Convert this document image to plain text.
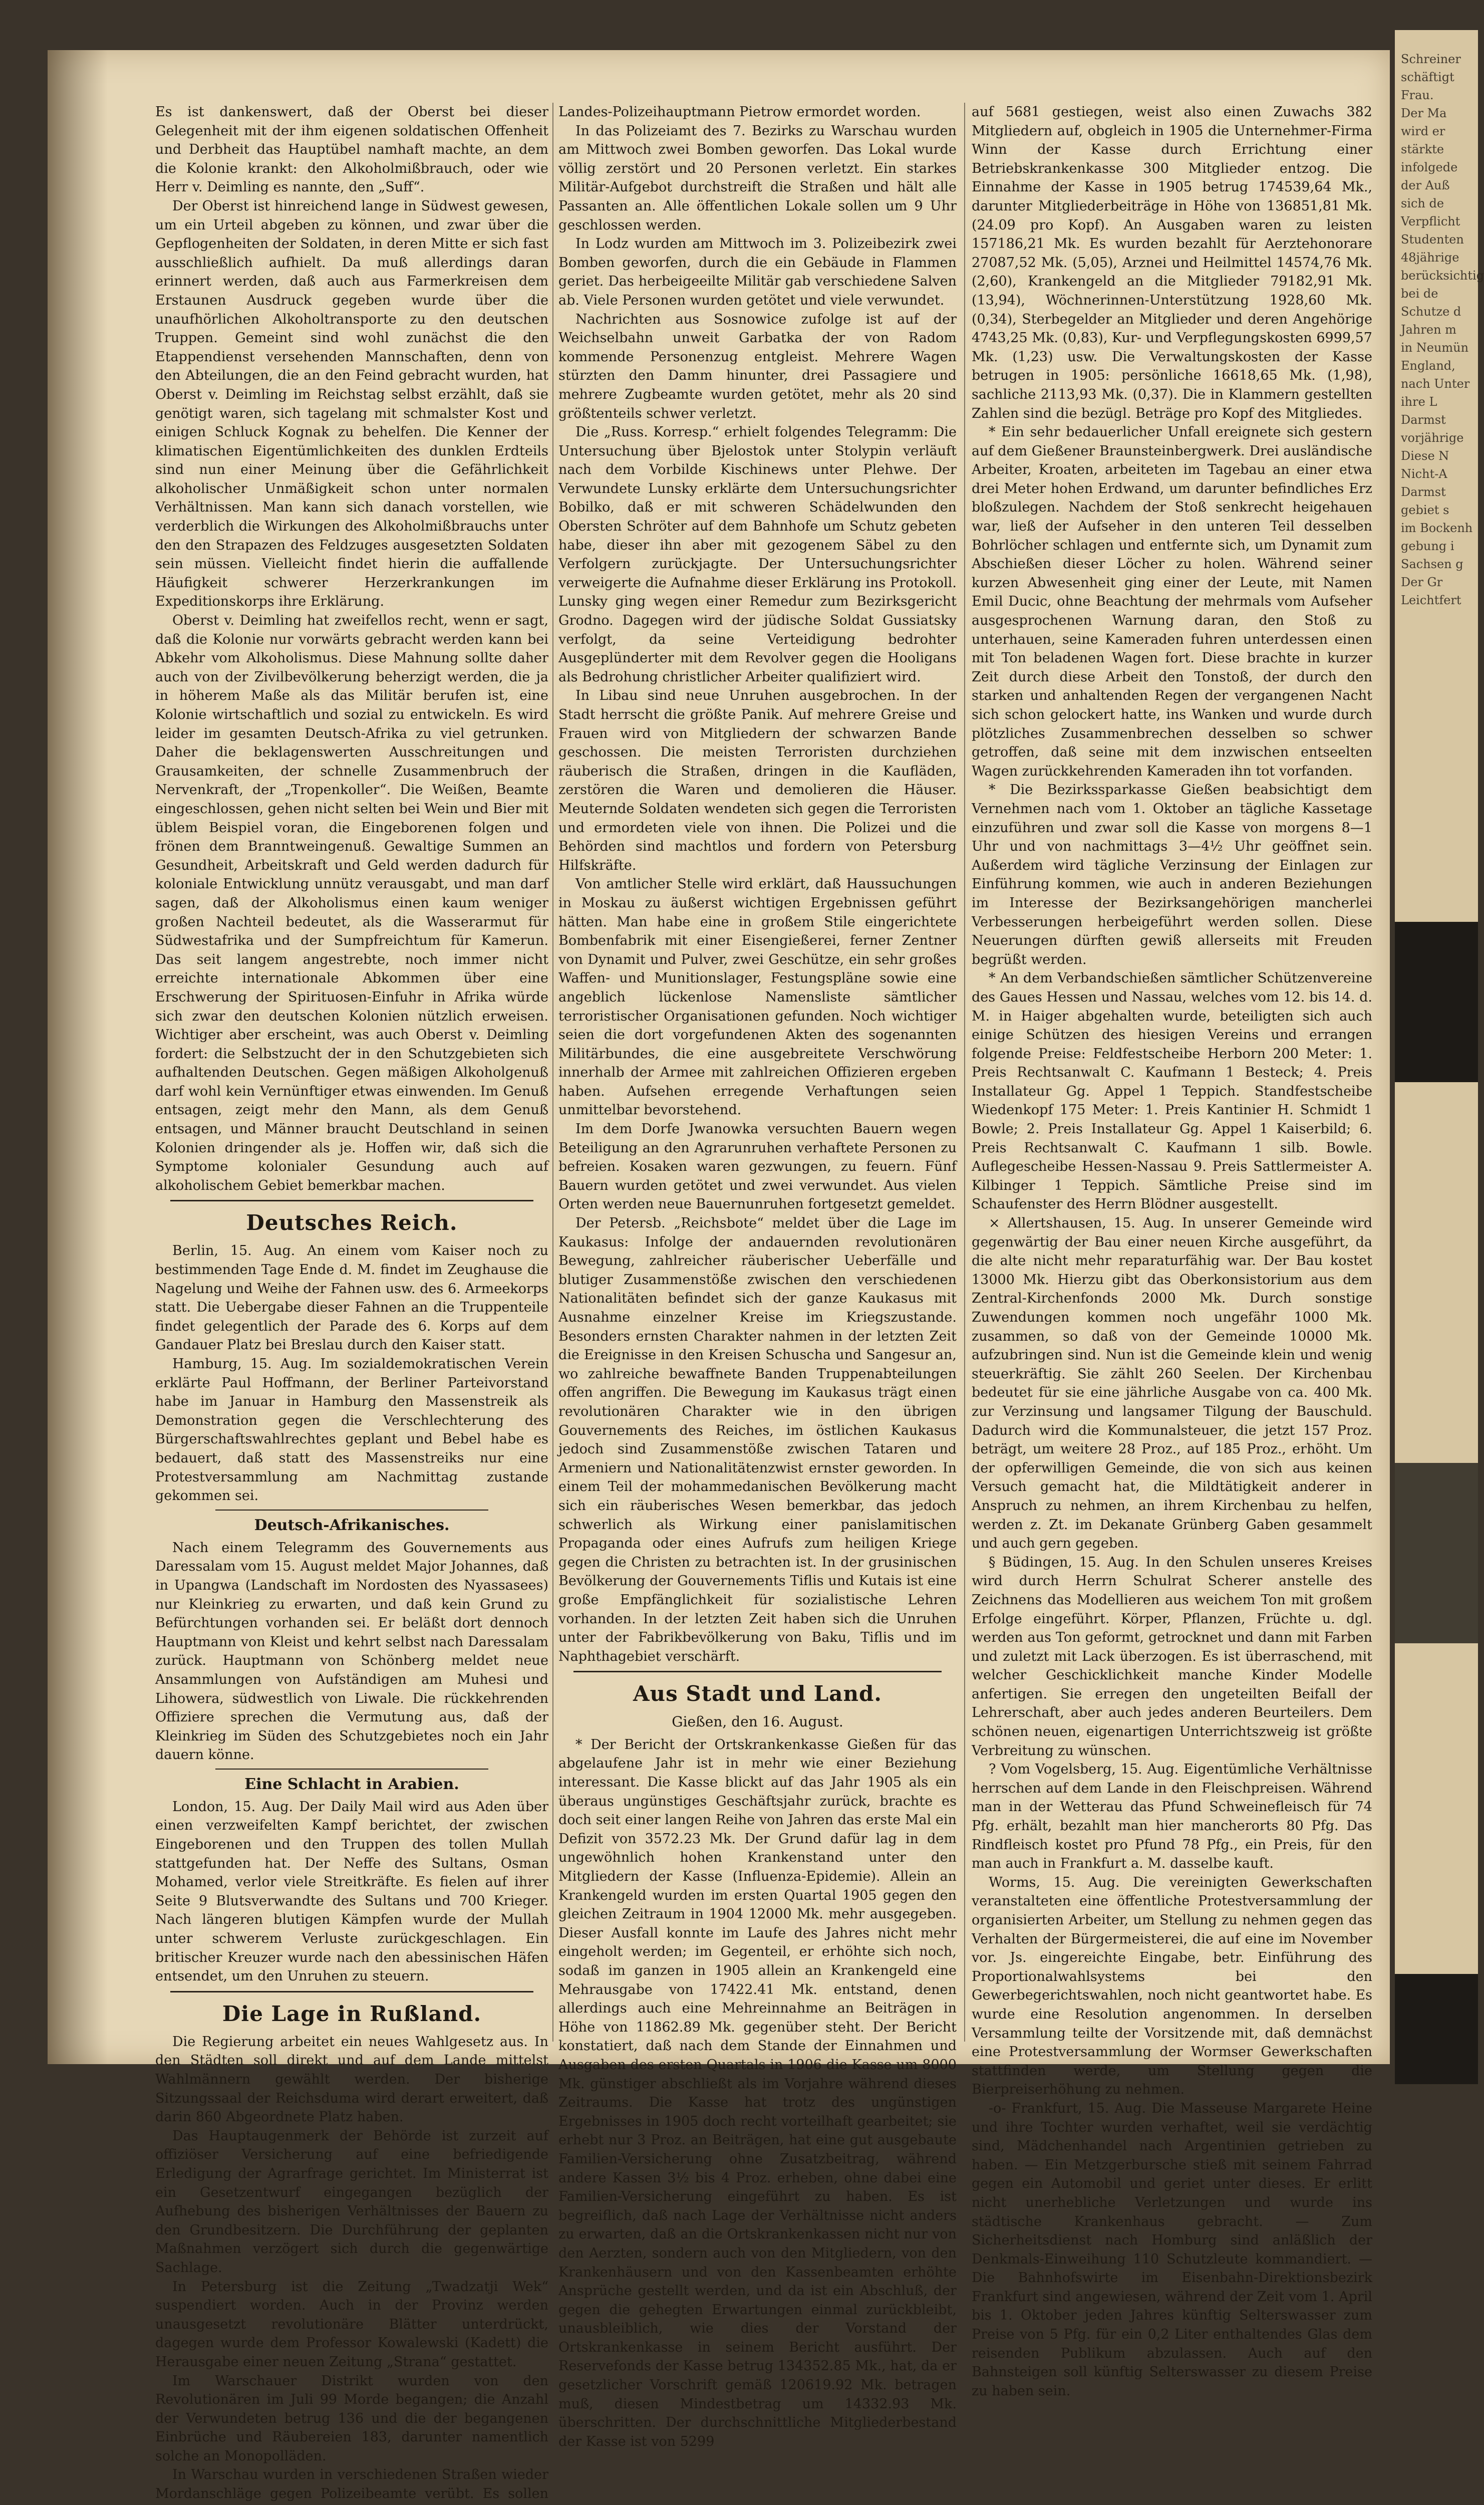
Schreiner
schäftigt
Frau.
Der Ma
wird er
stärkte
infolgede
der Auß
sich de
Verpflicht
Studenten
48jährige
berücksichtig
bei de
Schutze d
Jahren m
in Neumün
England,
nach Unter
ihre L
Darmst
vorjährige
Diese N
Nicht-A
Darmst
gebiet s
im Bockenh
gebung i
Sachsen g
Der Gr
Leichtfert

Es ist dankenswert, daß der Oberst bei dieser Gelegenheit mit der ihm eigenen soldatischen Offenheit und Derbheit das Hauptübel namhaft machte, an dem die Kolonie krankt: den Alkoholmißbrauch, oder wie Herr v. Deimling es nannte, den „Suff“.

Der Oberst ist hinreichend lange in Südwest gewesen, um ein Urteil abgeben zu können, und zwar über die Gepflogenheiten der Soldaten, in deren Mitte er sich fast ausschließlich aufhielt. Da muß allerdings daran erinnert werden, daß auch aus Farmerkreisen dem Erstaunen Ausdruck gegeben wurde über die unaufhörlichen Alkoholtransporte zu den deutschen Truppen. Gemeint sind wohl zunächst die den Etappendienst versehenden Mannschaften, denn von den Abteilungen, die an den Feind gebracht wurden, hat Oberst v. Deimling im Reichstag selbst erzählt, daß sie genötigt waren, sich tagelang mit schmalster Kost und einigen Schluck Kognak zu behelfen. Die Kenner der klimatischen Eigentümlichkeiten des dunklen Erdteils sind nun einer Meinung über die Gefährlichkeit alkoholischer Unmäßigkeit schon unter normalen Verhältnissen. Man kann sich danach vorstellen, wie verderblich die Wirkungen des Alkoholmißbrauchs unter den den Strapazen des Feldzuges ausgesetzten Soldaten sein müssen. Vielleicht findet hierin die auffallende Häufigkeit schwerer Herzerkrankungen im Expeditionskorps ihre Erklärung.

Oberst v. Deimling hat zweifellos recht, wenn er sagt, daß die Kolonie nur vorwärts gebracht werden kann bei Abkehr vom Alkoholismus. Diese Mahnung sollte daher auch von der Zivilbevölkerung beherzigt werden, die ja in höherem Maße als das Militär berufen ist, eine Kolonie wirtschaftlich und sozial zu entwickeln. Es wird leider im gesamten Deutsch-Afrika zu viel getrunken. Daher die beklagenswerten Ausschreitungen und Grausamkeiten, der schnelle Zusammenbruch der Nervenkraft, der „Tropenkoller“. Die Weißen, Beamte eingeschlossen, gehen nicht selten bei Wein und Bier mit üblem Beispiel voran, die Eingeborenen folgen und frönen dem Branntweingenuß. Gewaltige Summen an Gesundheit, Arbeitskraft und Geld werden dadurch für koloniale Entwicklung unnütz verausgabt, und man darf sagen, daß der Alkoholismus einen kaum weniger großen Nachteil bedeutet, als die Wasserarmut für Südwestafrika und der Sumpfreichtum für Kamerun. Das seit langem angestrebte, noch immer nicht erreichte internationale Abkommen über eine Erschwerung der Spirituosen-Einfuhr in Afrika würde sich zwar den deutschen Kolonien nützlich erweisen. Wichtiger aber erscheint, was auch Oberst v. Deimling fordert: die Selbstzucht der in den Schutzgebieten sich aufhaltenden Deutschen. Gegen mäßigen Alkoholgenuß darf wohl kein Vernünftiger etwas einwenden. Im Genuß entsagen, zeigt mehr den Mann, als dem Genuß entsagen, und Männer braucht Deutschland in seinen Kolonien dringender als je. Hoffen wir, daß sich die Symptome kolonialer Gesundung auch auf alkoholischem Gebiet bemerkbar machen.

Deutsches Reich.

Berlin, 15. Aug. An einem vom Kaiser noch zu bestimmenden Tage Ende d. M. findet im Zeughause die Nagelung und Weihe der Fahnen usw. des 6. Armeekorps statt. Die Uebergabe dieser Fahnen an die Truppenteile findet gelegentlich der Parade des 6. Korps auf dem Gandauer Platz bei Breslau durch den Kaiser statt.

Hamburg, 15. Aug. Im sozialdemokratischen Verein erklärte Paul Hoffmann, der Berliner Parteivorstand habe im Januar in Hamburg den Massenstreik als Demonstration gegen die Verschlechterung des Bürgerschaftswahlrechtes geplant und Bebel habe es bedauert, daß statt des Massenstreiks nur eine Protestversammlung am Nachmittag zustande gekommen sei.

Deutsch-Afrikanisches.

Nach einem Telegramm des Gouvernements aus Daressalam vom 15. August meldet Major Johannes, daß in Upangwa (Landschaft im Nordosten des Nyassasees) nur Kleinkrieg zu erwarten, und daß kein Grund zu Befürchtungen vorhanden sei. Er beläßt dort dennoch Hauptmann von Kleist und kehrt selbst nach Daressalam zurück. Hauptmann von Schönberg meldet neue Ansammlungen von Aufständigen am Muhesi und Lihowera, südwestlich von Liwale. Die rückkehrenden Offiziere sprechen die Vermutung aus, daß der Kleinkrieg im Süden des Schutzgebietes noch ein Jahr dauern könne.

Eine Schlacht in Arabien.

London, 15. Aug. Der Daily Mail wird aus Aden über einen verzweifelten Kampf berichtet, der zwischen Eingeborenen und den Truppen des tollen Mullah stattgefunden hat. Der Neffe des Sultans, Osman Mohamed, verlor viele Streitkräfte. Es fielen auf ihrer Seite 9 Blutsverwandte des Sultans und 700 Krieger. Nach längeren blutigen Kämpfen wurde der Mullah unter schwerem Verluste zurückgeschlagen. Ein britischer Kreuzer wurde nach den abessinischen Häfen entsendet, um den Unruhen zu steuern.

Die Lage in Rußland.

Die Regierung arbeitet ein neues Wahlgesetz aus. In den Städten soll direkt und auf dem Lande mittelst Wahlmännern gewählt werden. Der bisherige Sitzungssaal der Reichsduma wird derart erweitert, daß darin 860 Abgeordnete Platz haben.

Das Hauptaugenmerk der Behörde ist zurzeit auf offiziöser Versicherung auf eine befriedigende Erledigung der Agrarfrage gerichtet. Im Ministerrat ist ein Gesetzentwurf eingegangen bezüglich der Aufhebung des bisherigen Verhältnisses der Bauern zu den Grundbesitzern. Die Durchführung der geplanten Maßnahmen verzögert sich durch die gegenwärtige Sachlage.

In Petersburg ist die Zeitung „Twadzatji Wek“ suspendiert worden. Auch in der Provinz werden unausgesetzt revolutionäre Blätter unterdrückt, dagegen wurde dem Professor Kowalewski (Kadett) die Herausgabe einer neuen Zeitung „Strana“ gestattet.

Im Warschauer Distrikt wurden von den Revolutionären im Juli 99 Morde begangen; die Anzahl der Verwundeten betrug 136 und die der begangenen Einbrüche und Räubereien 183, darunter namentlich solche an Monopolläden.

In Warschau wurden in verschiedenen Straßen wieder Mordanschläge gegen Polizeibeamte verübt. Es sollen

Landes-Polizeihauptmann Pietrow ermordet worden.

In das Polizeiamt des 7. Bezirks zu Warschau wurden am Mittwoch zwei Bomben geworfen. Das Lokal wurde völlig zerstört und 20 Personen verletzt. Ein starkes Militär-Aufgebot durchstreift die Straßen und hält alle Passanten an. Alle öffentlichen Lokale sollen um 9 Uhr geschlossen werden.

In Lodz wurden am Mittwoch im 3. Polizeibezirk zwei Bomben geworfen, durch die ein Gebäude in Flammen geriet. Das herbeigeeilte Militär gab verschiedene Salven ab. Viele Personen wurden getötet und viele verwundet.

Nachrichten aus Sosnowice zufolge ist auf der Weichselbahn unweit Garbatka der von Radom kommende Personenzug entgleist. Mehrere Wagen stürzten den Damm hinunter, drei Passagiere und mehrere Zugbeamte wurden getötet, mehr als 20 sind größtenteils schwer verletzt.

Die „Russ. Korresp.“ erhielt folgendes Telegramm: Die Untersuchung über Bjelostok unter Stolypin verläuft nach dem Vorbilde Kischinews unter Plehwe. Der Verwundete Lunsky erklärte dem Untersuchungsrichter Bobilko, daß er mit schweren Schädelwunden den Obersten Schröter auf dem Bahnhofe um Schutz gebeten habe, dieser ihn aber mit gezogenem Säbel zu den Verfolgern zurückjagte. Der Untersuchungsrichter verweigerte die Aufnahme dieser Erklärung ins Protokoll. Lunsky ging wegen einer Remedur zum Bezirksgericht Grodno. Dagegen wird der jüdische Soldat Gussiatsky verfolgt, da seine Verteidigung bedrohter Ausgeplünderter mit dem Revolver gegen die Hooligans als Bedrohung christlicher Arbeiter qualifiziert wird.

In Libau sind neue Unruhen ausgebrochen. In der Stadt herrscht die größte Panik. Auf mehrere Greise und Frauen wird von Mitgliedern der schwarzen Bande geschossen. Die meisten Terroristen durchziehen räuberisch die Straßen, dringen in die Kaufläden, zerstören die Waren und demolieren die Häuser. Meuternde Soldaten wendeten sich gegen die Terroristen und ermordeten viele von ihnen. Die Polizei und die Behörden sind machtlos und fordern von Petersburg Hilfskräfte.

Von amtlicher Stelle wird erklärt, daß Haussuchungen in Moskau zu äußerst wichtigen Ergebnissen geführt hätten. Man habe eine in großem Stile eingerichtete Bombenfabrik mit einer Eisengießerei, ferner Zentner von Dynamit und Pulver, zwei Geschütze, ein sehr großes Waffen- und Munitionslager, Festungspläne sowie eine angeblich lückenlose Namensliste sämtlicher terroristischer Organisationen gefunden. Noch wichtiger seien die dort vorgefundenen Akten des sogenannten Militärbundes, die eine ausgebreitete Verschwörung innerhalb der Armee mit zahlreichen Offizieren ergeben haben. Aufsehen erregende Verhaftungen seien unmittelbar bevorstehend.

Im dem Dorfe Jwanowka versuchten Bauern wegen Beteiligung an den Agrarunruhen verhaftete Personen zu befreien. Kosaken waren gezwungen, zu feuern. Fünf Bauern wurden getötet und zwei verwundet. Aus vielen Orten werden neue Bauernunruhen fortgesetzt gemeldet.

Der Petersb. „Reichsbote“ meldet über die Lage im Kaukasus: Infolge der andauernden revolutionären Bewegung, zahlreicher räuberischer Ueberfälle und blutiger Zusammenstöße zwischen den verschiedenen Nationalitäten befindet sich der ganze Kaukasus mit Ausnahme einzelner Kreise im Kriegszustande. Besonders ernsten Charakter nahmen in der letzten Zeit die Ereignisse in den Kreisen Schuscha und Sangesur an, wo zahlreiche bewaffnete Banden Truppenabteilungen offen angriffen. Die Bewegung im Kaukasus trägt einen revolutionären Charakter wie in den übrigen Gouvernements des Reiches, im östlichen Kaukasus jedoch sind Zusammenstöße zwischen Tataren und Armeniern und Nationalitätenzwist ernster geworden. In einem Teil der mohammedanischen Bevölkerung macht sich ein räuberisches Wesen bemerkbar, das jedoch schwerlich als Wirkung einer panislamitischen Propaganda oder eines Aufrufs zum heiligen Kriege gegen die Christen zu betrachten ist. In der grusinischen Bevölkerung der Gouvernements Tiflis und Kutais ist eine große Empfänglichkeit für sozialistische Lehren vorhanden. In der letzten Zeit haben sich die Unruhen unter der Fabrikbevölkerung von Baku, Tiflis und im Naphthagebiet verschärft.

Aus Stadt und Land.
Gießen, den 16. August.

* Der Bericht der Ortskrankenkasse Gießen für das abgelaufene Jahr ist in mehr wie einer Beziehung interessant. Die Kasse blickt auf das Jahr 1905 als ein überaus ungünstiges Geschäftsjahr zurück, brachte es doch seit einer langen Reihe von Jahren das erste Mal ein Defizit von 3572.23 Mk. Der Grund dafür lag in dem ungewöhnlich hohen Krankenstand unter den Mitgliedern der Kasse (Influenza-Epidemie). Allein an Krankengeld wurden im ersten Quartal 1905 gegen den gleichen Zeitraum in 1904 12000 Mk. mehr ausgegeben. Dieser Ausfall konnte im Laufe des Jahres nicht mehr eingeholt werden; im Gegenteil, er erhöhte sich noch, sodaß im ganzen in 1905 allein an Krankengeld eine Mehrausgabe von 17422.41 Mk. entstand, denen allerdings auch eine Mehreinnahme an Beiträgen in Höhe von 11862.89 Mk. gegenüber steht. Der Bericht konstatiert, daß nach dem Stande der Einnahmen und Ausgaben des ersten Quartals in 1906 die Kasse um 8000 Mk. günstiger abschließt als im Vorjahre während dieses Zeitraums. Die Kasse hat trotz des ungünstigen Ergebnisses in 1905 doch recht vorteilhaft gearbeitet; sie erhebt nur 3 Proz. an Beiträgen, hat eine gut ausgebaute Familien-Versicherung ohne Zusatzbeitrag, während andere Kassen 3½ bis 4 Proz. erheben, ohne dabei eine Familien-Versicherung eingeführt zu haben. Es ist begreiflich, daß nach Lage der Verhältnisse nicht anders zu erwarten, daß an die Ortskrankenkassen nicht nur von den Aerzten, sondern auch von den Mitgliedern, von den Krankenhäusern und von den Kassenbeamten erhöhte Ansprüche gestellt werden, und da ist ein Abschluß, der gegen die gehegten Erwartungen einmal zurückbleibt, unausbleiblich, wie dies der Vorstand der Ortskrankenkasse in seinem Bericht ausführt. Der Reservefonds der Kasse betrug 134352.85 Mk., hat, da er gesetzlicher Vorschrift gemäß 120619.92 Mk. betragen muß, diesen Mindestbetrag um 14332.93 Mk. überschritten. Der durchschnittliche Mitgliederbestand der Kasse ist von 5299

auf 5681 gestiegen, weist also einen Zuwachs 382 Mitgliedern auf, obgleich in 1905 die Unternehmer-Firma Winn der Kasse durch Errichtung einer Betriebskrankenkasse 300 Mitglieder entzog. Die Einnahme der Kasse in 1905 betrug 174539,64 Mk., darunter Mitgliederbeiträge in Höhe von 136851,81 Mk. (24.09 pro Kopf). An Ausgaben waren zu leisten 157186,21 Mk. Es wurden bezahlt für Aerztehonorare 27087,52 Mk. (5,05), Arznei und Heilmittel 14574,76 Mk. (2,60), Krankengeld an die Mitglieder 79182,91 Mk. (13,94), Wöchnerinnen-Unterstützung 1928,60 Mk. (0,34), Sterbegelder an Mitglieder und deren Angehörige 4743,25 Mk. (0,83), Kur- und Verpflegungskosten 6999,57 Mk. (1,23) usw. Die Verwaltungskosten der Kasse betrugen in 1905: persönliche 16618,65 Mk. (1,98), sachliche 2113,93 Mk. (0,37). Die in Klammern gestellten Zahlen sind die bezügl. Beträge pro Kopf des Mitgliedes.

* Ein sehr bedauerlicher Unfall ereignete sich gestern auf dem Gießener Braunsteinbergwerk. Drei ausländische Arbeiter, Kroaten, arbeiteten im Tagebau an einer etwa drei Meter hohen Erdwand, um darunter befindliches Erz bloßzulegen. Nachdem der Stoß senkrecht heigehauen war, ließ der Aufseher in den unteren Teil desselben Bohrlöcher schlagen und entfernte sich, um Dynamit zum Abschießen dieser Löcher zu holen. Während seiner kurzen Abwesenheit ging einer der Leute, mit Namen Emil Ducic, ohne Beachtung der mehrmals vom Aufseher ausgesprochenen Warnung daran, den Stoß zu unterhauen, seine Kameraden fuhren unterdessen einen mit Ton beladenen Wagen fort. Diese brachte in kurzer Zeit durch diese Arbeit den Tonstoß, der durch den starken und anhaltenden Regen der vergangenen Nacht sich schon gelockert hatte, ins Wanken und wurde durch plötzliches Zusammenbrechen desselben so schwer getroffen, daß seine mit dem inzwischen entseelten Wagen zurückkehrenden Kameraden ihn tot vorfanden.

* Die Bezirkssparkasse Gießen beabsichtigt dem Vernehmen nach vom 1. Oktober an tägliche Kassetage einzuführen und zwar soll die Kasse von morgens 8—1 Uhr und von nachmittags 3—4½ Uhr geöffnet sein. Außerdem wird tägliche Verzinsung der Einlagen zur Einführung kommen, wie auch in anderen Beziehungen im Interesse der Bezirksangehörigen mancherlei Verbesserungen herbeigeführt werden sollen. Diese Neuerungen dürften gewiß allerseits mit Freuden begrüßt werden.

* An dem Verbandschießen sämtlicher Schützenvereine des Gaues Hessen und Nassau, welches vom 12. bis 14. d. M. in Haiger abgehalten wurde, beteiligten sich auch einige Schützen des hiesigen Vereins und errangen folgende Preise: Feldfestscheibe Herborn 200 Meter: 1. Preis Rechtsanwalt C. Kaufmann 1 Besteck; 4. Preis Installateur Gg. Appel 1 Teppich. Standfestscheibe Wiedenkopf 175 Meter: 1. Preis Kantinier H. Schmidt 1 Bowle; 2. Preis Installateur Gg. Appel 1 Kaiserbild; 6. Preis Rechtsanwalt C. Kaufmann 1 silb. Bowle. Auflegescheibe Hessen-Nassau 9. Preis Sattlermeister A. Kilbinger 1 Teppich. Sämtliche Preise sind im Schaufenster des Herrn Blödner ausgestellt.

× Allertshausen, 15. Aug. In unserer Gemeinde wird gegenwärtig der Bau einer neuen Kirche ausgeführt, da die alte nicht mehr reparaturfähig war. Der Bau kostet 13000 Mk. Hierzu gibt das Oberkonsistorium aus dem Zentral-Kirchenfonds 2000 Mk. Durch sonstige Zuwendungen kommen noch ungefähr 1000 Mk. zusammen, so daß von der Gemeinde 10000 Mk. aufzubringen sind. Nun ist die Gemeinde klein und wenig steuerkräftig. Sie zählt 260 Seelen. Der Kirchenbau bedeutet für sie eine jährliche Ausgabe von ca. 400 Mk. zur Verzinsung und langsamer Tilgung der Bauschuld. Dadurch wird die Kommunalsteuer, die jetzt 157 Proz. beträgt, um weitere 28 Proz., auf 185 Proz., erhöht. Um der opferwilligen Gemeinde, die von sich aus keinen Versuch gemacht hat, die Mildtätigkeit anderer in Anspruch zu nehmen, an ihrem Kirchenbau zu helfen, werden z. Zt. im Dekanate Grünberg Gaben gesammelt und auch gern gegeben.

§ Büdingen, 15. Aug. In den Schulen unseres Kreises wird durch Herrn Schulrat Scherer anstelle des Zeichnens das Modellieren aus weichem Ton mit großem Erfolge eingeführt. Körper, Pflanzen, Früchte u. dgl. werden aus Ton geformt, getrocknet und dann mit Farben und zuletzt mit Lack überzogen. Es ist überraschend, mit welcher Geschicklichkeit manche Kinder Modelle anfertigen. Sie erregen den ungeteilten Beifall der Lehrerschaft, aber auch jedes anderen Beurteilers. Dem schönen neuen, eigenartigen Unterrichtszweig ist größte Verbreitung zu wünschen.

? Vom Vogelsberg, 15. Aug. Eigentümliche Verhältnisse herrschen auf dem Lande in den Fleischpreisen. Während man in der Wetterau das Pfund Schweinefleisch für 74 Pfg. erhält, bezahlt man hier mancherorts 80 Pfg. Das Rindfleisch kostet pro Pfund 78 Pfg., ein Preis, für den man auch in Frankfurt a. M. dasselbe kauft.

Worms, 15. Aug. Die vereinigten Gewerkschaften veranstalteten eine öffentliche Protestversammlung der organisierten Arbeiter, um Stellung zu nehmen gegen das Verhalten der Bürgermeisterei, die auf eine im November vor. Js. eingereichte Eingabe, betr. Einführung des Proportionalwahlsystems bei den Gewerbegerichtswahlen, noch nicht geantwortet habe. Es wurde eine Resolution angenommen. In derselben Versammlung teilte der Vorsitzende mit, daß demnächst eine Protestversammlung der Wormser Gewerkschaften stattfinden werde, um Stellung gegen die Bierpreiserhöhung zu nehmen.

-o- Frankfurt, 15. Aug. Die Masseuse Margarete Heine und ihre Tochter wurden verhaftet, weil sie verdächtig sind, Mädchenhandel nach Argentinien getrieben zu haben. — Ein Metzgerbursche stieß mit seinem Fahrrad gegen ein Automobil und geriet unter dieses. Er erlitt nicht unerhebliche Verletzungen und wurde ins städtische Krankenhaus gebracht. — Zum Sicherheitsdienst nach Homburg sind anläßlich der Denkmals-Einweihung 110 Schutzleute kommandiert. — Die Bahnhofswirte im Eisenbahn-Direktionsbezirk Frankfurt sind angewiesen, während der Zeit vom 1. April bis 1. Oktober jeden Jahres künftig Selterswasser zum Preise von 5 Pfg. für ein 0,2 Liter enthaltendes Glas dem reisenden Publikum abzulassen. Auch auf den Bahnsteigen soll künftig Selterswasser zu diesem Preise zu haben sein.
